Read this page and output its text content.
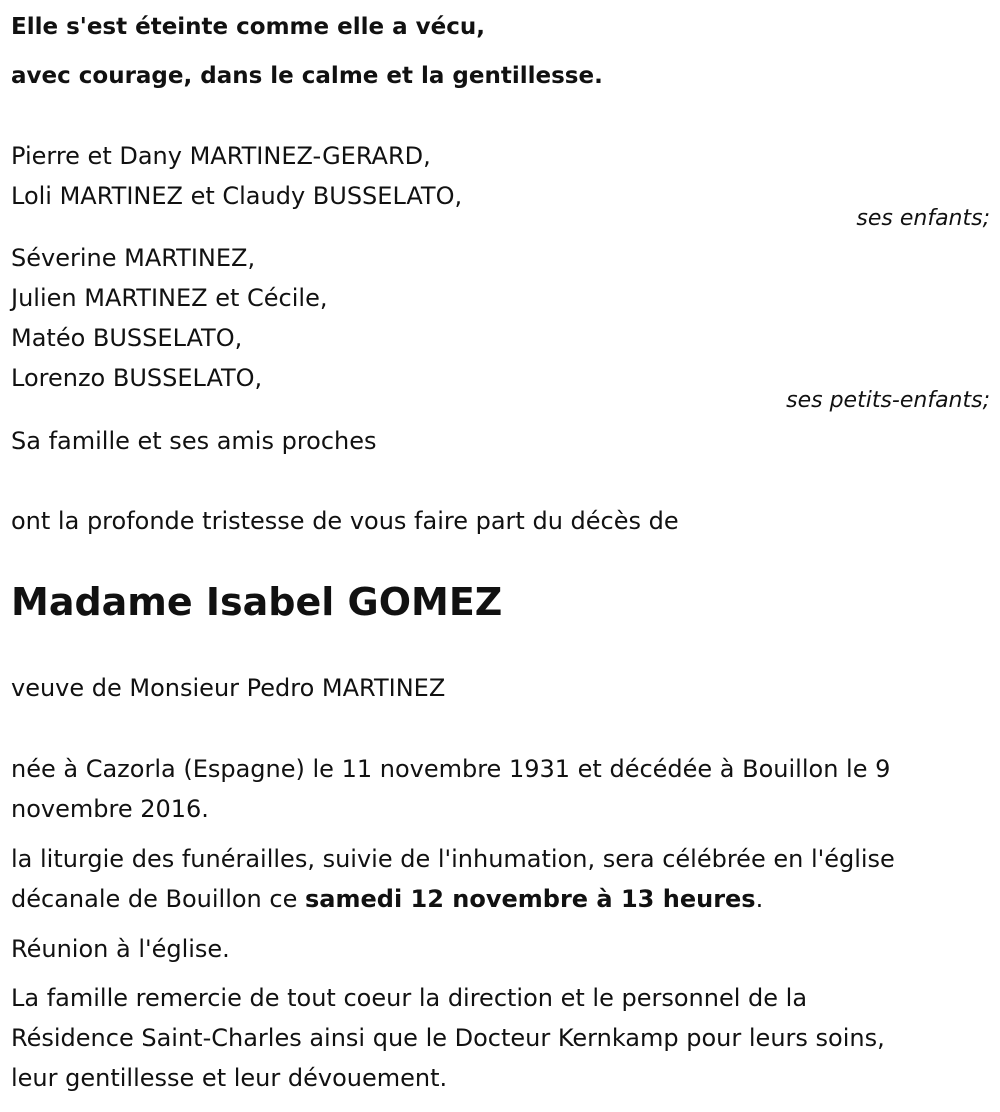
Elle s'est éteinte comme elle a vécu,
avec courage, dans le calme et la gentillesse.
Pierre et Dany MARTINEZ-GERARD,
Loli MARTINEZ et Claudy BUSSELATO,
ses enfants;
Séverine MARTINEZ,
Julien MARTINEZ et Cécile,
Matéo BUSSELATO,
Lorenzo BUSSELATO,
ses petits-enfants;
Sa famille et ses amis proches
ont la profonde tristesse de vous faire part du décès de
Madame Isabel GOMEZ
veuve de Monsieur Pedro MARTINEZ
née à Cazorla (Espagne) le 11 novembre 1931 et décédée à Bouillon le 9
novembre 2016.
la liturgie des funérailles, suivie de l'inhumation, sera célébrée en l'église
décanale de Bouillon ce samedi 12 novembre à 13 heures.
Réunion à l'église.
La famille remercie de tout coeur la direction et le personnel de la
Résidence Saint-Charles ainsi que le Docteur Kernkamp pour leurs soins,
leur gentillesse et leur dévouement.
